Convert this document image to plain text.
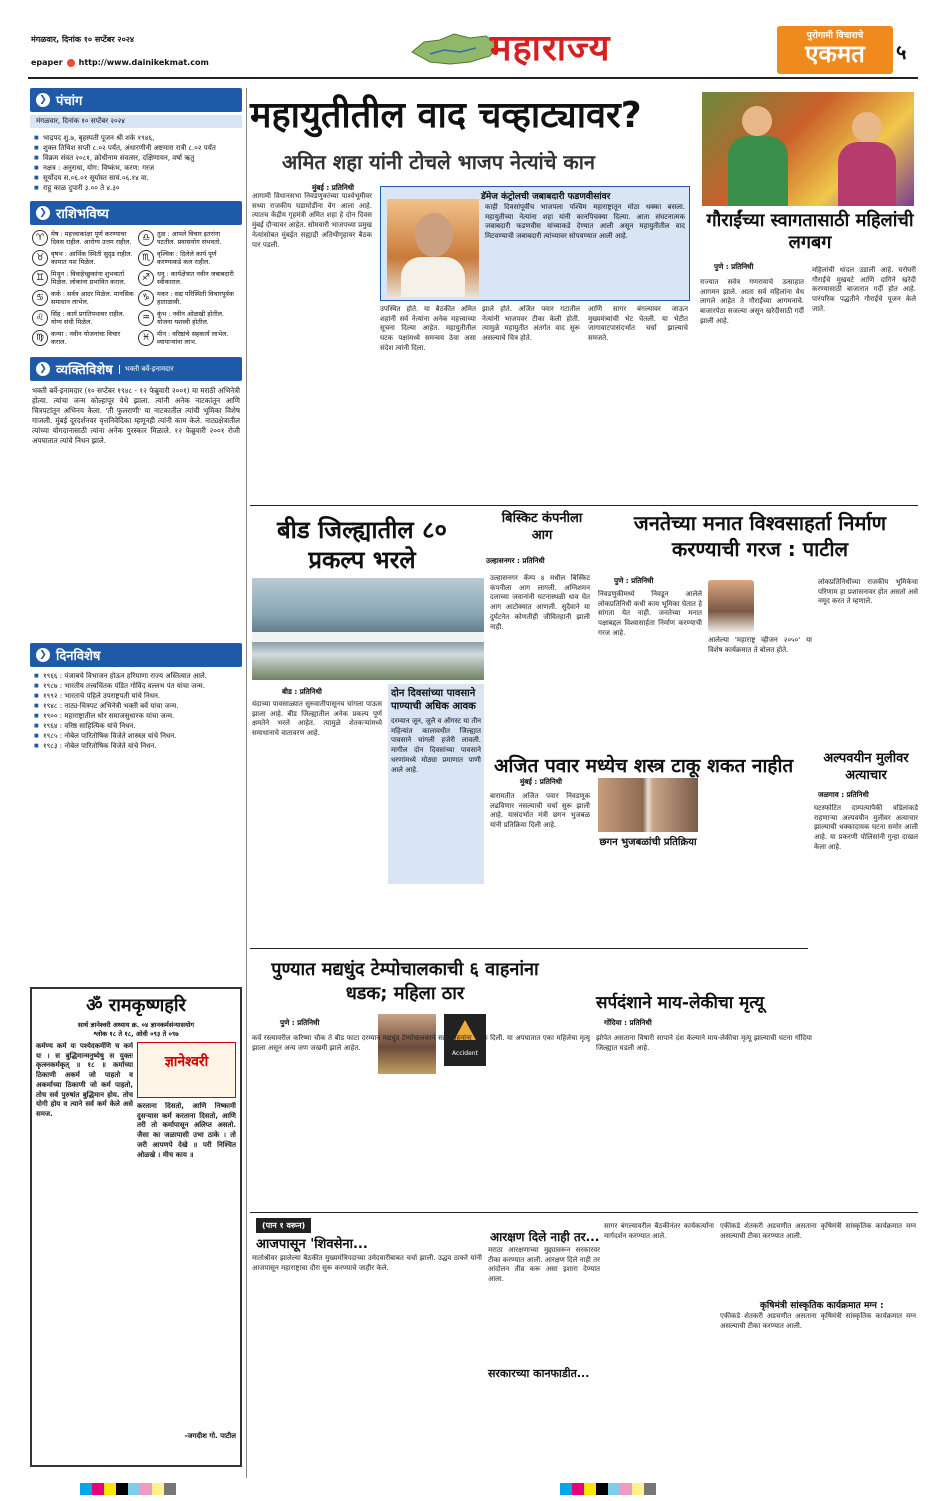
मंगळवार, दिनांक १० सप्टेंबर २०२४
epaper http://www.dainikekmat.com	महाराज्य	पुरोगामी विचाराचे
एकमत	५
❯ पंचांग
मंगळवार, दिनांक १० सप्टेंबर २०२४
■ भाद्रपद शु.७, बृहस्पती पूजन श्री शके १९४६,
■ शुक्ल तिथिश सप्ती ८.०२ पर्यंत, अंधारणीनी अष्टमारा रात्री ८.०२ पर्यंत
■ विक्रम संवत २०८१, क्रोधीनाम संवत्सर, दक्षिणायन, वर्षा ऋतु
■ नक्षत्र : अनुराधा, योग: विष्कंभ, करण: गरज
■ सूर्योदय स.०६.०१ सूर्यास्त सायं.०६.१४ वा.
■ राहू काळ दुपारी ३.०० ते ४.३०
❯ राशिभविष्य
♈	मेष : महत्त्वाकांक्षा पूर्ण करण्याचा दिवस राहील. आरोग्य उत्तम राहील.	♎	तुळ : आपले विचार इतरांना पटतील. प्रवासयोग संभवतो.
♉	वृषभ : आर्थिक स्थिती सुदृढ राहील. कामात यश मिळेल.	♏	वृश्चिक : दिलेले कार्य पूर्ण करण्याकडे कल राहील.
♊	मिथुन : विवाहेच्छुकांना शुभवार्ता मिळेल. लोकांना प्रभावित कराल.	♐	धनु : कार्यक्षेत्रात नवीन जबाबदारी स्वीकाराल.
♋	कर्क : सर्वत्र आदर मिळेल. मानसिक समाधान लाभेल.	♑	मकर : सद्य परिस्थिती विचारपूर्वक हाताळावी.
♌	सिंह : कार्य प्रगतिपथावर राहील. योग्य संधी मिळेल.	♒	कुंभ : नवीन ओळखी होतील. योजना यशस्वी होतील.
♍	कन्या : नवीन योजनांचा विचार कराल.	♓	मीन : वरिष्ठांचे सहकार्य लाभेल. व्यापाऱ्यांना लाभ.
❯ व्यक्तिविशेष	भक्ती बर्वे-इनामदार
भक्ती बर्वे-इनामदार (१० सप्टेंबर १९४८ - १२ फेब्रुवारी २००१) या मराठी अभिनेत्री होत्या. त्यांचा जन्म कोल्हापूर येथे झाला. त्यांनी अनेक नाटकांतून आणि चित्रपटांतून अभिनय केला. 'ती फुलराणी' या नाटकातील त्यांची भूमिका विशेष गाजली. मुंबई दूरदर्शनवर वृत्तनिवेदिका म्हणूनही त्यांनी काम केले. नाट्यक्षेत्रातील त्यांच्या योगदानासाठी त्यांना अनेक पुरस्कार मिळाले. १२ फेब्रुवारी २००१ रोजी अपघातात त्यांचे निधन झाले.
❯ दिनविशेष
■ १९६६ : पंजाबचे विभाजन होऊन हरियाणा राज्य अस्तित्वात आले.
■ १९८७ : भारतीय तत्त्वचिंतक पंडित गोविंद वल्लभ पंत यांचा जन्म.
■ १९९२ : भारताचे पहिले उपराष्ट्रपती यांचे निधन.
■ १९४८ : नाट्य-चित्रपट अभिनेत्री भक्ती बर्वे यांचा जन्म.
■ १९०० : महाराष्ट्रातील थोर समाजसुधारक यांचा जन्म.
■ १९६४ : वरिष्ठ साहित्यिक यांचे निधन.
■ १९८५ : नोबेल पारितोषिक विजेते शास्त्रज्ञ यांचे निधन.
■ १९८३ : नोबेल पारितोषिक विजेते यांचे निधन.
ॐ रामकृष्णहरि
सार्थ ज्ञानेश्वरी अध्याय क्र. ०४ ज्ञानकर्मसंन्यासयोग
श्लोक १८ ते १८, ओवी ०९३ ते ०९७
कर्मण्य कर्म यः पश्येदकर्मणि च कर्म यः । स बुद्धिमान्मनुष्येषु स युक्तः कृत्स्नकर्मकृत् ॥ १८ ॥ कर्माच्या ठिकाणी अकर्म जो पाहतो व अकर्माच्या ठिकाणी जो कर्म पाहतो, तोच सर्व पुरुषांत बुद्धिमान होय. तोच योगी होय व त्याने सर्व कर्म केले असे समज.
ज्ञानेश्वरी
करताना दिसतो, आणि निष्कामी दुसऱ्यास कर्म करताना दिसतो, आणि तरी तो कर्मापासून अलिप्त असतो. जैसा का जळापासी उभा ठाके । तो जरी आपणपे देखे ॥ परी निश्चित ओळखे । मीच काय ॥
-जगदीश गो. पाटील
महायुतीतील वाद चव्हाट्यावर?
अमित शहा यांनी टोचले भाजप नेत्यांचे कान
मुंबई : प्रतिनिधी
आगामी विधानसभा निवडणुकांच्या पार्श्वभूमीवर सध्या राजकीय घडामोडींना वेग आला आहे. त्यातच केंद्रीय गृहमंत्री अमित शहा हे दोन दिवस मुंबई दौऱ्यावर आहेत. सोमवारी भाजपच्या प्रमुख नेत्यांसोबत मुंबईत सह्याद्री अतिथीगृहावर बैठक पार पडली.
डॅमेज कंट्रोलची जबाबदारी फडणवीसांवर
काही दिवसांपूर्वीच भाजपला पश्चिम महाराष्ट्रातून मोठा धक्का बसला. महायुतीच्या नेत्यांना शहा यांनी कानपिचक्या दिल्या. आता संघटनात्मक जबाबदारी फडणवीस यांच्याकडे देण्यात आली असून महायुतीतील वाद मिटवण्याची जबाबदारी त्यांच्यावर सोपवण्यात आली आहे.
उपस्थित होते. या बैठकीत अमित शहांनी सर्व नेत्यांना अनेक महत्त्वाच्या सूचना दिल्या आहेत. महायुतीतील घटक पक्षांमध्ये समन्वय ठेवा असा संदेश त्यांनी दिला.
झाले होते. अजित पवार गटातील नेत्यांनी भाजपवर टीका केली होती. त्यामुळे महायुतीत अंतर्गत वाद सुरू असल्याचे चित्र होते.
आणि सागर बंगल्यावर जाऊन मुख्यमंत्र्यांची भेट घेतली. या भेटीत जागावाटपासंदर्भात चर्चा झाल्याचे समजते.
गौराईंच्या स्वागतासाठी महिलांची लगबग
पुणे : प्रतिनिधी
राज्यात सर्वत्र गणरायाचे उत्साहात आगमन झाले. आता सर्व महिलांना वेध लागले आहेत ते गौराईंच्या आगमनाचे. बाजारपेठा सजल्या असून खरेदीसाठी गर्दी झाली आहे.
महिलांची धांदल उडाली आहे. घरोघरी गौराईंचे मुखवटे आणि दागिने खरेदी करण्यासाठी बाजारात गर्दी होत आहे. पारंपरिक पद्धतीने गौराईंचे पूजन केले जाते.
बीड जिल्ह्यातील ८० प्रकल्प भरले
बीड : प्रतिनिधी	दोन दिवसांच्या पावसाने पाण्याची अधिक आवक
दरम्यान जून, जुलै व ऑगस्ट या तीन महिन्यांत कालावधीत जिल्ह्यात पावसाने चांगली हजेरी लावली. मागील दोन दिवसांच्या पावसाने धरणांमध्ये मोठ्या प्रमाणात पाणी आले आहे.
यंदाच्या पावसाळ्यात सुरुवातीपासूनच चांगला पाऊस झाला आहे. बीड जिल्ह्यातील अनेक प्रकल्प पूर्ण क्षमतेने भरले आहेत. त्यामुळे शेतकऱ्यांमध्ये समाधानाचे वातावरण आहे.
बिस्किट कंपनीला आग
उल्हासनगर : प्रतिनिधी
उल्हासनगर कॅम्प ४ मधील बिस्किट कंपनीला आग लागली. अग्निशमन दलाच्या जवानांनी घटनास्थळी धाव घेत आग आटोक्यात आणली. सुदैवाने या दुर्घटनेत कोणतीही जीवितहानी झाली नाही.
जनतेच्या मनात विश्वसाहर्ता निर्माण करण्याची गरज : पाटील
पुणे : प्रतिनिधी
निवडणुकीमध्ये निवडून आलेले लोकप्रतिनिधी कधी काय भूमिका घेतात हे सांगता येत नाही. जनतेच्या मनात पक्षाबद्दल विश्वासार्हता निर्माण करण्याची गरज आहे.
आलेल्या 'महाराष्ट्र व्हीजन २०५०' या विशेष कार्यक्रमात ते बोलत होते.
लोकप्रतिनिधींच्या राजकीय भूमिकेचा परिणाम हा प्रशासनावर होत असतो असे नमूद करत ते म्हणाले.
अजित पवार मध्येच शस्त्र टाकू शकत नाहीत
मुंबई : प्रतिनिधी
बारामतीत अजित पवार निवडणूक लढविणार नसल्याची चर्चा सुरू झाली आहे. यासंदर्भात मंत्री छगन भुजबळ यांनी प्रतिक्रिया दिली आहे.
छगन भुजबळांची प्रतिक्रिया
अल्पवयीन मुलीवर अत्याचार
जळगाव : प्रतिनिधी
घटस्फोटित दाम्पत्यापैकी वडिलांकडे राहणाऱ्या अल्पवयीन मुलीवर अत्याचार झाल्याची धक्कादायक घटना समोर आली आहे. या प्रकरणी पोलिसांनी गुन्हा दाखल केला आहे.
पुण्यात मद्यधुंद टेम्पोचालकाची ६ वाहनांना धडक; महिला ठार
पुणे : प्रतिनिधी
Accident
कर्वे रस्त्यावरील करिष्मा चौक ते बीड फाटा दरम्यान मद्यधुंद टेम्पोचालकाने सहा वाहनांना धडक दिली. या अपघातात एका महिलेचा मृत्यू झाला असून अन्य जण जखमी झाले आहेत.
सर्पदंशाने माय-लेकीचा मृत्यू
गोंदिया : प्रतिनिधी
झोपेत असताना विषारी सापाने दंश केल्याने माय-लेकीचा मृत्यू झाल्याची घटना गोंदिया जिल्ह्यात घडली आहे.
(पान १ वरून)
आजपासून 'शिवसेना...
मातोश्रीवर झालेल्या बैठकीत मुख्यमंत्रिपदाच्या उमेदवारीबाबत चर्चा झाली. उद्धव ठाकरे यांनी आजपासून महाराष्ट्राचा दौरा सुरू करण्याचे जाहीर केले.
आरक्षण दिले नाही तर...
मराठा आरक्षणाच्या मुद्द्यावरून सरकारवर टीका करण्यात आली. आरक्षण दिले नाही तर आंदोलन तीव्र करू असा इशारा देण्यात आला.
सरकारच्या कानफाडीत...
सागर बंगल्यावरील बैठकीनंतर कार्यकर्त्यांना मार्गदर्शन करण्यात आले.
एकीकडे शेतकरी अडचणीत असताना कृषिमंत्री सांस्कृतिक कार्यक्रमात मग्न असल्याची टीका करण्यात आली.
कृषिमंत्री सांस्कृतिक कार्यक्रमात मग्न :
एकीकडे शेतकरी अडचणीत असताना कृषिमंत्री सांस्कृतिक कार्यक्रमात मग्न असल्याची टीका करण्यात आली.
